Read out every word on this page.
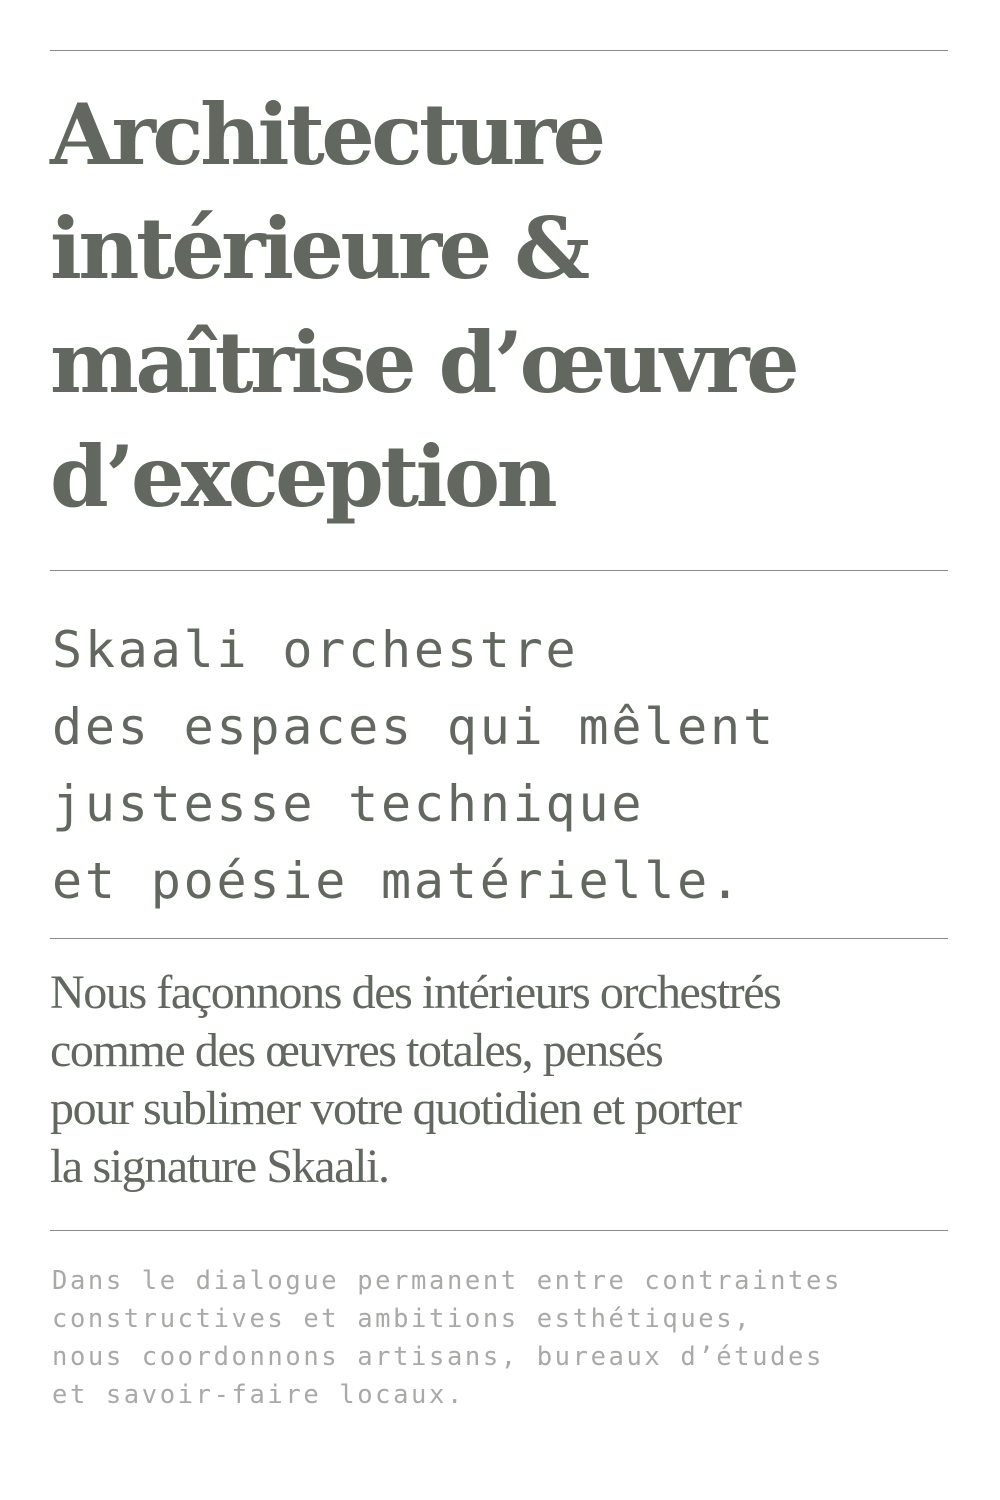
Architecture
intérieure &
maîtrise d’œuvre
d’exception

Skaali orchestre
des espaces qui mêlent
justesse technique
et poésie matérielle.

Nous façonnons des intérieurs orchestrés
comme des œuvres totales, pensés
pour sublimer votre quotidien et porter
la signature Skaali.

Dans le dialogue permanent entre contraintes
constructives et ambitions esthétiques,
nous coordonnons artisans, bureaux d’études
et savoir-faire locaux.
